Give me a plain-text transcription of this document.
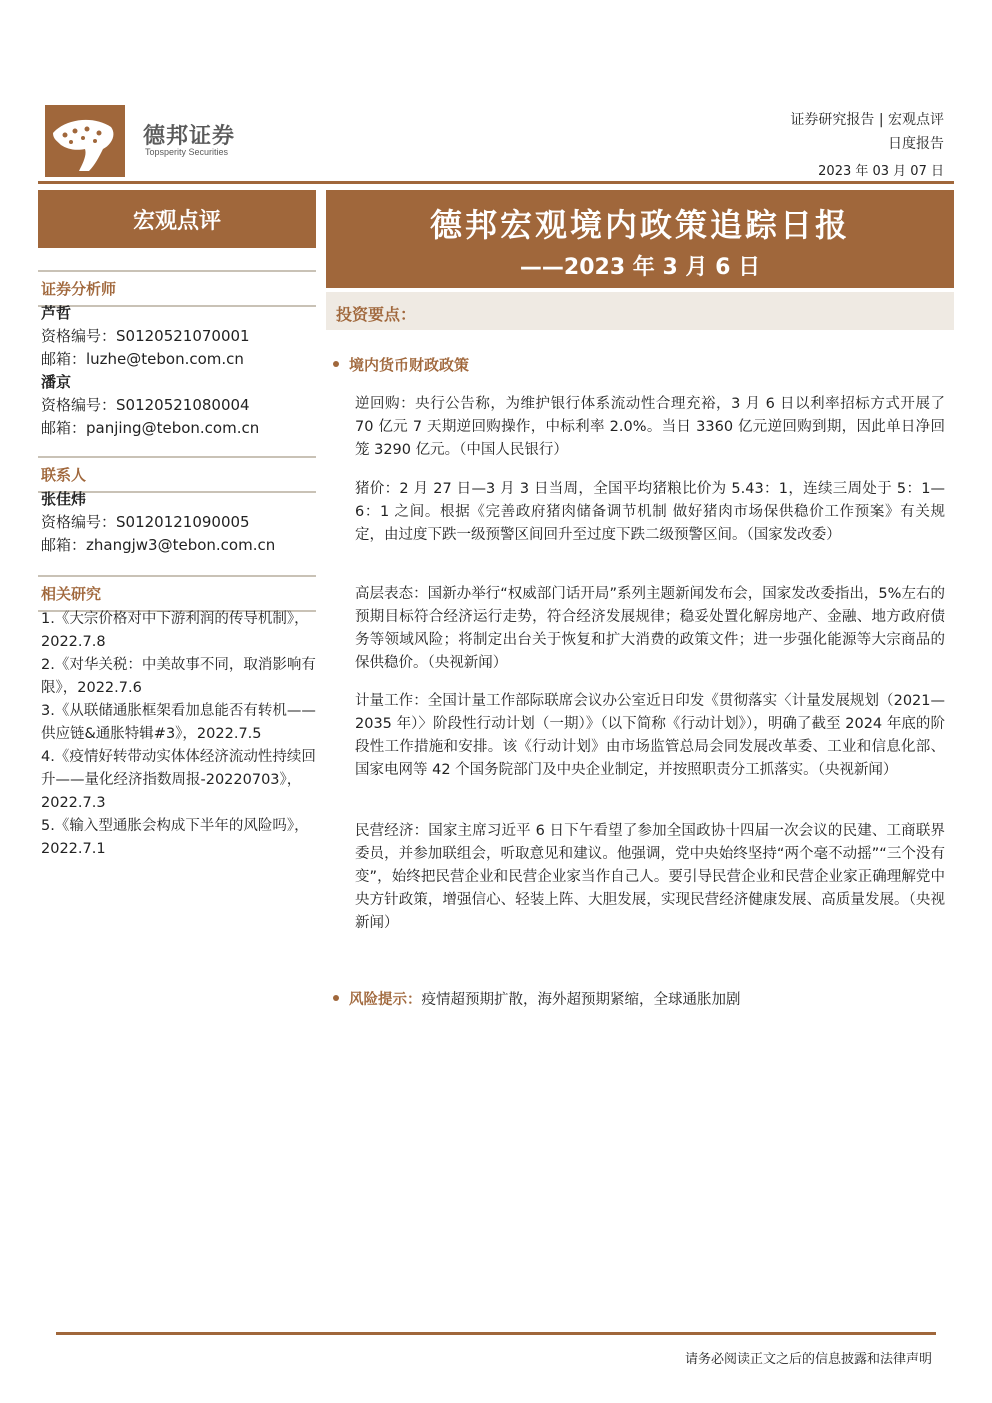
德邦证券
Topsperity Securities
证券研究报告 | 宏观点评
日度报告
2023 年 03 月 07 日
宏观点评
证券分析师
芦哲
资格编号：S0120521070001
邮箱：luzhe@tebon.com.cn
潘京
资格编号：S0120521080004
邮箱：panjing@tebon.com.cn
联系人
张佳炜
资格编号：S0120121090005
邮箱：zhangjw3@tebon.com.cn
相关研究
1.《大宗价格对中下游利润的传导机制》，2022.7.8
2.《对华关税：中美故事不同，取消影响有限》，2022.7.6
3.《从联储通胀框架看加息能否有转机——供应链&通胀特辑#3》，2022.7.5
4.《疫情好转带动实体体经济流动性持续回升——量化经济指数周报-20220703》，2022.7.3
5.《输入型通胀会构成下半年的风险吗》，2022.7.1
德邦宏观境内政策追踪日报
——2023 年 3 月 6 日
投资要点：
境内货币财政政策
逆回购：央行公告称，为维护银行体系流动性合理充裕，3 月 6 日以利率招标方式开展了 70 亿元 7 天期逆回购操作，中标利率 2.0%。当日 3360 亿元逆回购到期，因此单日净回笼 3290 亿元。（中国人民银行）
猪价：2 月 27 日—3 月 3 日当周，全国平均猪粮比价为 5.43：1，连续三周处于 5：1—6：1 之间。根据《完善政府猪肉储备调节机制 做好猪肉市场保供稳价工作预案》有关规定，由过度下跌一级预警区间回升至过度下跌二级预警区间。（国家发改委）
高层表态：国新办举行“权威部门话开局”系列主题新闻发布会，国家发改委指出，5%左右的预期目标符合经济运行走势，符合经济发展规律；稳妥处置化解房地产、金融、地方政府债务等领域风险；将制定出台关于恢复和扩大消费的政策文件；进一步强化能源等大宗商品的保供稳价。（央视新闻）
计量工作：全国计量工作部际联席会议办公室近日印发《贯彻落实〈计量发展规划（2021—2035 年）〉阶段性行动计划（一期）》（以下简称《行动计划》），明确了截至 2024 年底的阶段性工作措施和安排。该《行动计划》由市场监管总局会同发展改革委、工业和信息化部、国家电网等 42 个国务院部门及中央企业制定，并按照职责分工抓落实。（央视新闻）
民营经济：国家主席习近平 6 日下午看望了参加全国政协十四届一次会议的民建、工商联界委员，并参加联组会，听取意见和建议。他强调，党中央始终坚持“两个毫不动摇”“三个没有变”，始终把民营企业和民营企业家当作自己人。要引导民营企业和民营企业家正确理解党中央方针政策，增强信心、轻装上阵、大胆发展，实现民营经济健康发展、高质量发展。（央视新闻）
风险提示：疫情超预期扩散，海外超预期紧缩，全球通胀加剧
请务必阅读正文之后的信息披露和法律声明
